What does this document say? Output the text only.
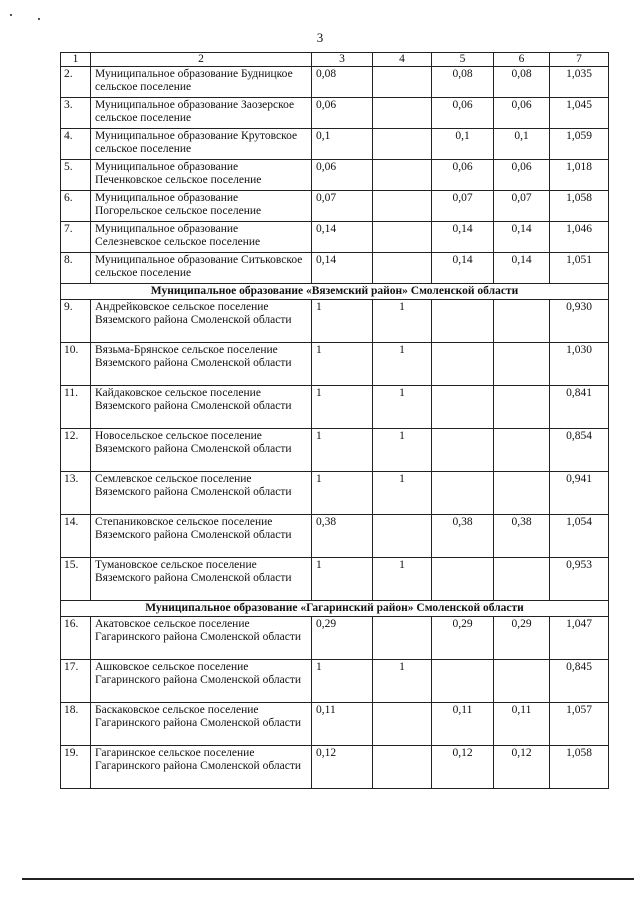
3
1	2	3	4	5	6	7
2.	Муниципальное образование Будницкое сельское поселение	0,08		0,08	0,08	1,035
3.	Муниципальное образование Заозерское сельское поселение	0,06		0,06	0,06	1,045
4.	Муниципальное образование Крутовское сельское поселение	0,1		0,1	0,1	1,059
5.	Муниципальное образование Печенковское сельское поселение	0,06		0,06	0,06	1,018
6.	Муниципальное образование Погорельское сельское поселение	0,07		0,07	0,07	1,058
7.	Муниципальное образование Селезневское сельское поселение	0,14		0,14	0,14	1,046
8.	Муниципальное образование Ситьковское сельское поселение	0,14		0,14	0,14	1,051
Муниципальное образование «Вяземский район» Смоленской области						
9.	Андрейковское сельское поселение Вяземского района Смоленской области	1	1			0,930
10.	Вязьма-Брянское сельское поселение Вяземского района Смоленской области	1	1			1,030
11.	Кайдаковское сельское поселение Вяземского района Смоленской области	1	1			0,841
12.	Новосельское сельское поселение Вяземского района Смоленской области	1	1			0,854
13.	Семлевское сельское поселение Вяземского района Смоленской области	1	1			0,941
14.	Степаниковское сельское поселение Вяземского района Смоленской области	0,38		0,38	0,38	1,054
15.	Тумановское сельское поселение Вяземского района Смоленской области	1	1			0,953
Муниципальное образование «Гагаринский район» Смоленской области						
16.	Акатовское сельское поселение Гагаринского района Смоленской области	0,29		0,29	0,29	1,047
17.	Ашковское сельское поселение Гагаринского района Смоленской области	1	1			0,845
18.	Баскаковское сельское поселение Гагаринского района Смоленской области	0,11		0,11	0,11	1,057
19.	Гагаринское сельское поселение Гагаринского района Смоленской области	0,12		0,12	0,12	1,058
